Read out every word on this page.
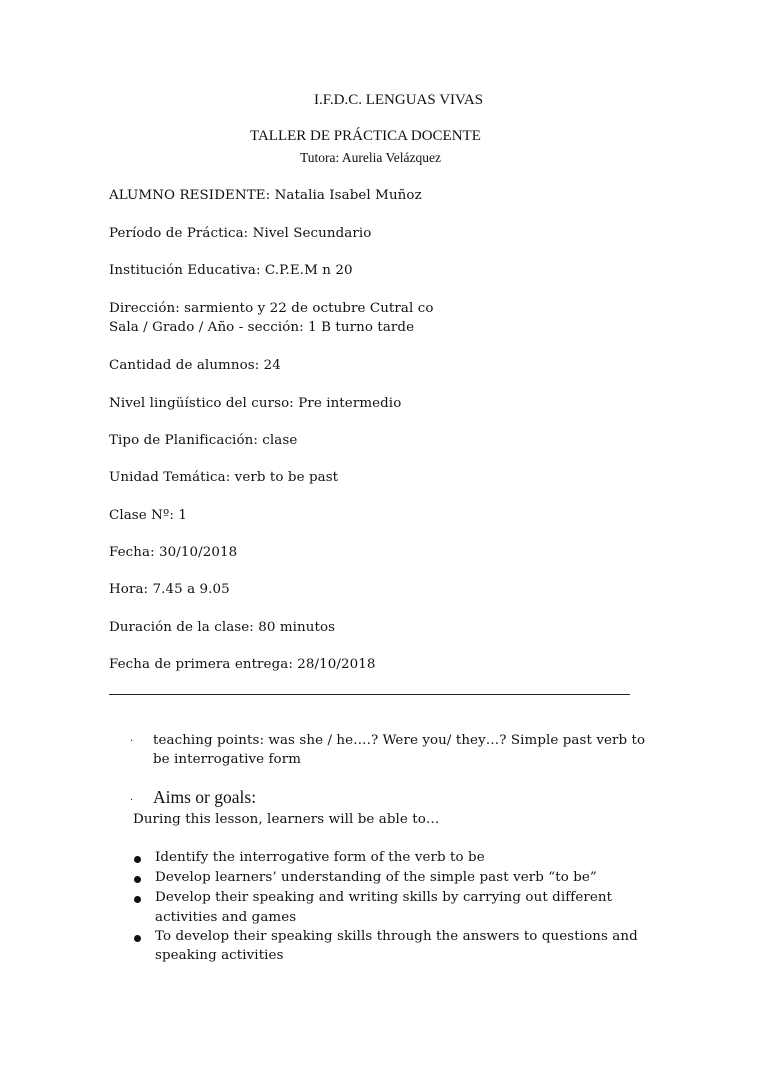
I.F.D.C. LENGUAS VIVAS
TALLER DE PRÁCTICA DOCENTE
Tutora: Aurelia Velázquez
ALUMNO RESIDENTE: Natalia Isabel Muñoz
Período de Práctica: Nivel Secundario
Institución Educativa: C.P.E.M n 20
Dirección: sarmiento y 22 de octubre Cutral co
Sala / Grado / Año - sección: 1 B turno tarde
Cantidad de alumnos: 24
Nivel lingüístico del curso: Pre intermedio
Tipo de Planificación: clase
Unidad Temática: verb to be past
Clase Nº: 1
Fecha: 30/10/2018
Hora: 7.45 a 9.05
Duración de la clase: 80 minutos
Fecha de primera entrega: 28/10/2018
· teaching points: was she / he….? Were you/ they…? Simple past verb to
be interrogative form
· Aims or goals:
During this lesson, learners will be able to…
Identify the interrogative form of the verb to be
Develop learners’ understanding of the simple past verb “to be”
Develop their speaking and writing skills by carrying out different
activities and games
To develop their speaking skills through the answers to questions and
speaking activities
